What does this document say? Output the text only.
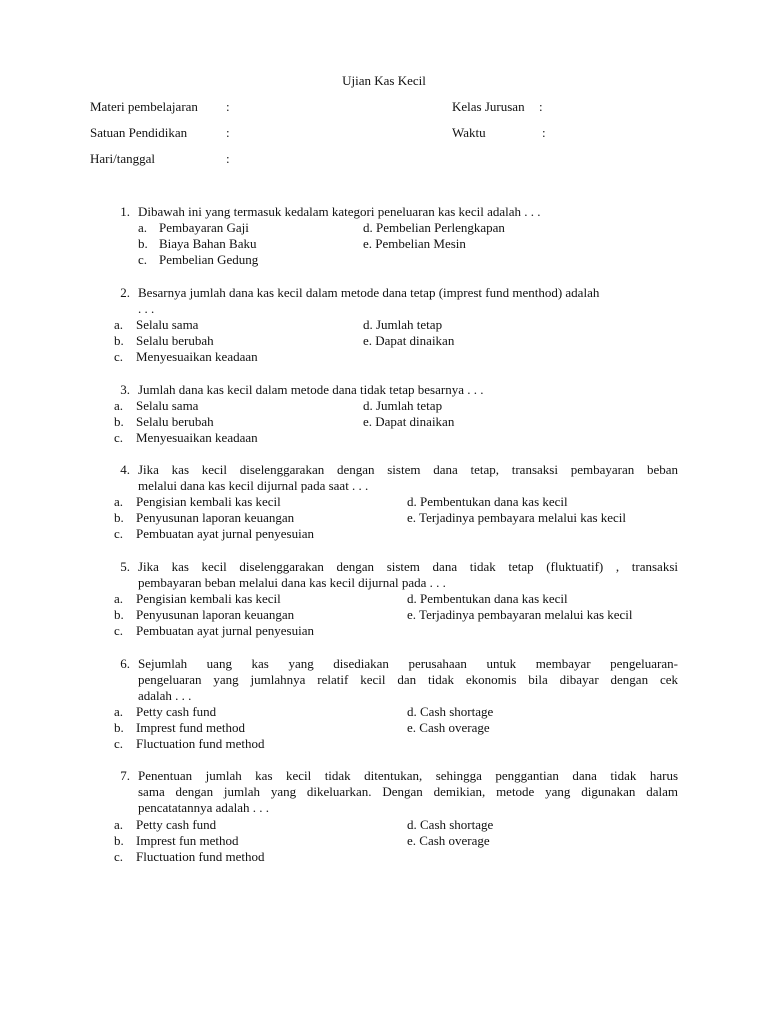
Ujian Kas Kecil
Materi pembelajaran :	Kelas Jurusan :
Satuan Pendidikan	:	Waktu	:
Hari/tanggal	:
1. Dibawah ini yang termasuk kedalam kategori peneluaran kas kecil adalah . . .
a. Pembayaran Gaji
b. Biaya Bahan Baku
c. Pembelian Gedung
d. Pembelian Perlengkapan
e. Pembelian Mesin
2. Besarnya jumlah dana kas kecil dalam metode dana tetap (imprest fund menthod) adalah
. . .
a. Selalu sama
b. Selalu berubah
c. Menyesuaikan keadaan
d. Jumlah tetap
e. Dapat dinaikan
3. Jumlah dana kas kecil dalam metode dana tidak tetap besarnya . . .
a. Selalu sama
b. Selalu berubah
c. Menyesuaikan keadaan
d. Jumlah tetap
e. Dapat dinaikan
4. Jika kas kecil diselenggarakan dengan sistem dana tetap, transaksi pembayaran beban
melalui dana kas kecil dijurnal pada saat . . .
a. Pengisian kembali kas kecil
b. Penyusunan laporan keuangan
c. Pembuatan ayat jurnal penyesuian
d. Pembentukan dana kas kecil
e. Terjadinya pembayara melalui kas kecil
5. Jika kas kecil diselenggarakan dengan sistem dana tidak tetap (fluktuatif) , transaksi
pembayaran beban melalui dana kas kecil dijurnal pada . . .
a. Pengisian kembali kas kecil
b. Penyusunan laporan keuangan
c. Pembuatan ayat jurnal penyesuian
d. Pembentukan dana kas kecil
e. Terjadinya pembayaran melalui kas kecil
6. Sejumlah uang kas yang disediakan perusahaan untuk membayar pengeluaran-
pengeluaran yang jumlahnya relatif kecil dan tidak ekonomis bila dibayar dengan cek
adalah . . .
a. Petty cash fund
b. Imprest fund method
c. Fluctuation fund method
d. Cash shortage
e. Cash overage
7. Penentuan jumlah kas kecil tidak ditentukan, sehingga penggantian dana tidak harus
sama dengan jumlah yang dikeluarkan. Dengan demikian, metode yang digunakan dalam
pencatatannya adalah . . .
a. Petty cash fund
b. Imprest fun method
c. Fluctuation fund method
d. Cash shortage
e. Cash overage
